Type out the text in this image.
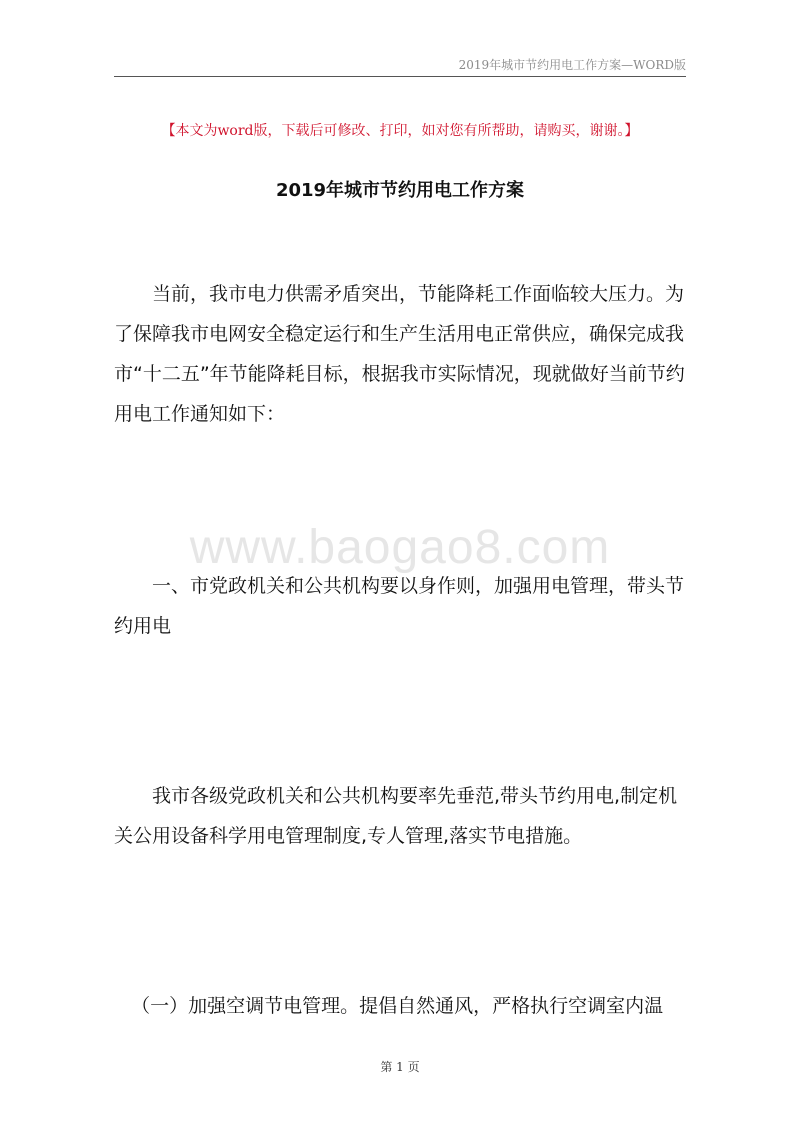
2019年城市节约用电工作方案—WORD版
【本文为word版，下载后可修改、打印，如对您有所帮助，请购买，谢谢。】
2019年城市节约用电工作方案

当前，我市电力供需矛盾突出，节能降耗工作面临较大压力。为了保障我市电网安全稳定运行和生产生活用电正常供应，确保完成我市“十二五”年节能降耗目标，根据我市实际情况，现就做好当前节约用电工作通知如下：

www.baogao8.com

一、市党政机关和公共机构要以身作则，加强用电管理，带头节约用电

我市各级党政机关和公共机构要率先垂范,带头节约用电,制定机关公用设备科学用电管理制度,专人管理,落实节电措施。

（一）加强空调节电管理。提倡自然通风，严格执行空调室内温

第 1 页
